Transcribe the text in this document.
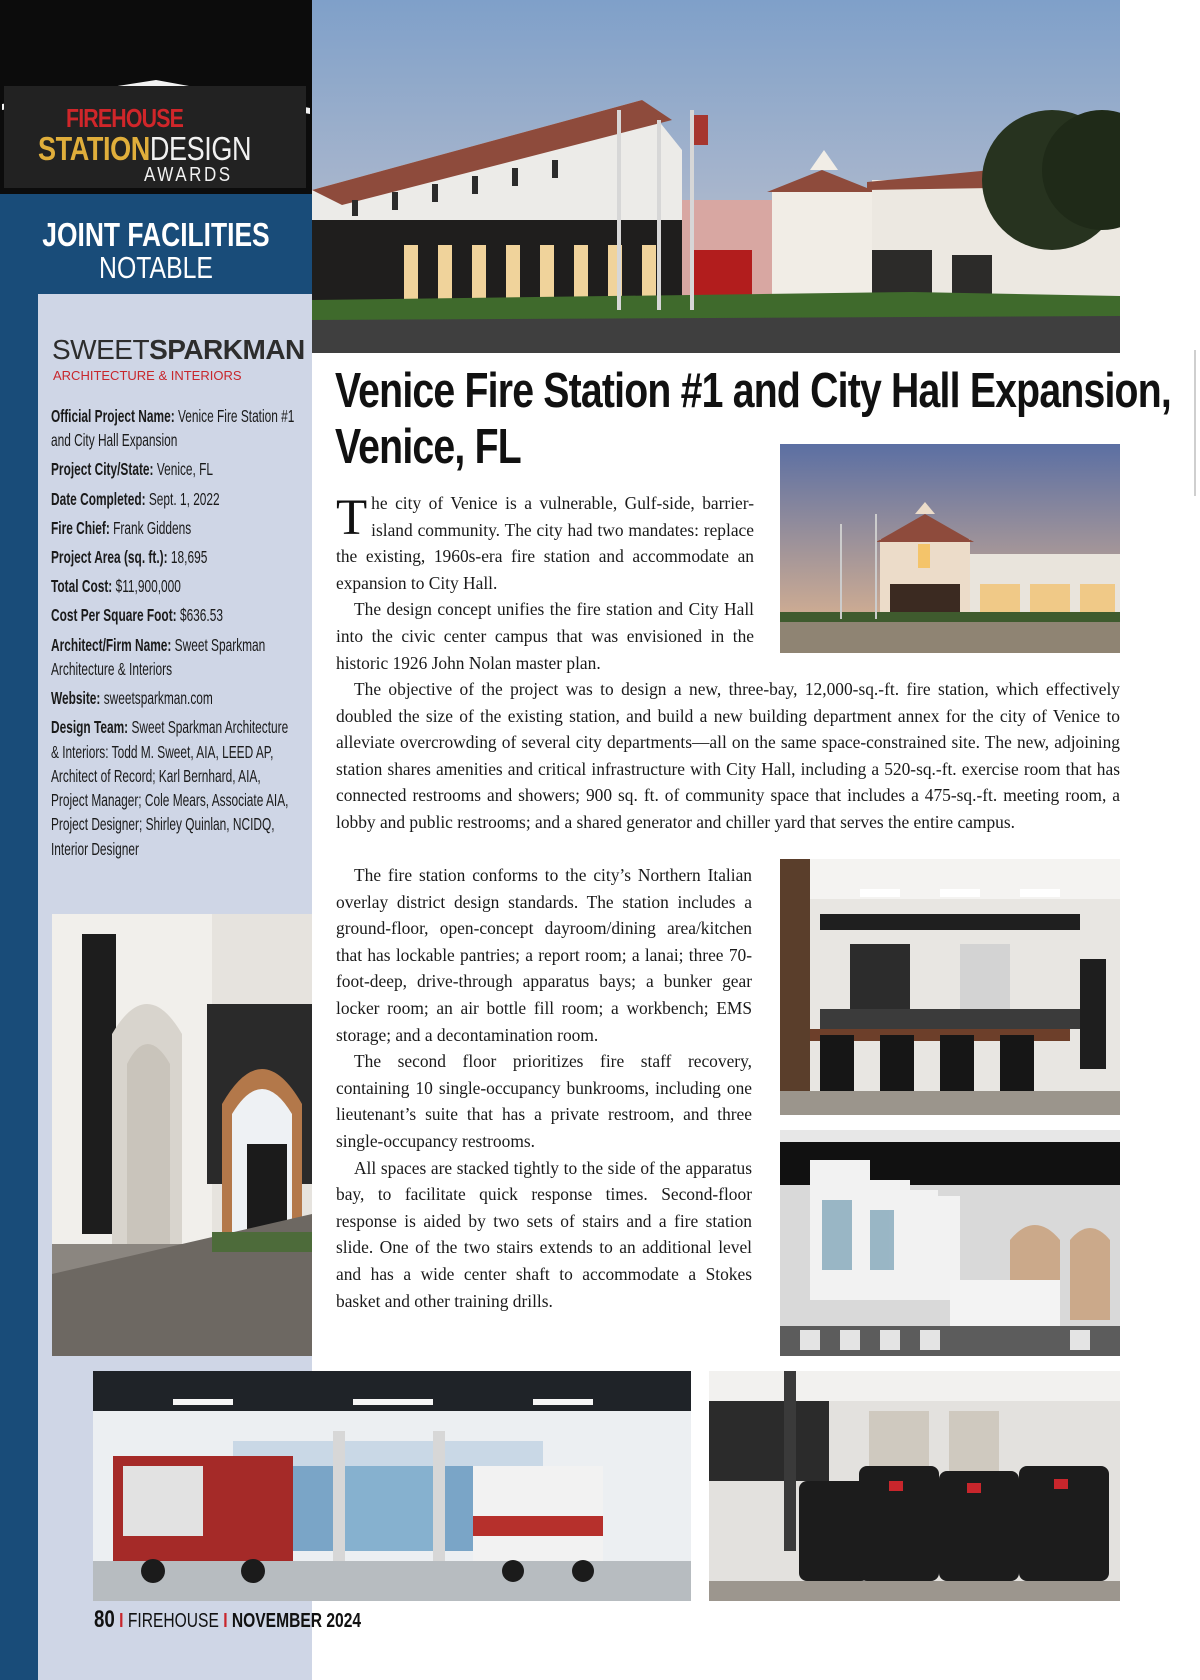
FIREHOUSE
STATIONDESIGN
AWARDS
JOINT FACILITIES
NOTABLE
SWEETSPARKMAN
ARCHITECTURE & INTERIORS

Official Project Name: Venice Fire Station #1 and City Hall Expansion

Project City/State: Venice, FL

Date Completed: Sept. 1, 2022

Fire Chief: Frank Giddens

Project Area (sq. ft.): 18,695

Total Cost: $11,900,000

Cost Per Square Foot: $636.53

Architect/Firm Name: Sweet Sparkman Architecture & Interiors

Website: sweetsparkman.com

Design Team: Sweet Sparkman Architecture & Interiors: Todd M. Sweet, AIA, LEED AP, Architect of Record; Karl Bernhard, AIA, Project Manager; Cole Mears, Associate AIA, Project Designer; Shirley Quinlan, NCIDQ, Interior Designer

Venice Fire Station #1 and City Hall Expansion,
Venice, FL
The city of Venice is a vulnerable, Gulf-side, barrier-island community. The city had two mandates: replace the existing, 1960s-era fire station and accommodate an expansion to City Hall.
The design concept unifies the fire station and City Hall into the civic center campus that was envisioned in the historic 1926 John Nolan master plan.
The objective of the project was to design a new, three-bay, 12,000-sq.-ft. fire station, which effectively doubled the size of the existing station, and build a new building department annex for the city of Venice to alleviate overcrowding of several city departments—all on the same space-constrained site. The new, adjoining station shares amenities and critical infrastructure with City Hall, including a 520-sq.-ft. exercise room that has connected restrooms and showers; 900 sq. ft. of community space that includes a 475-sq.-ft. meeting room, a lobby and public restrooms; and a shared generator and chiller yard that serves the entire campus.
The fire station conforms to the city’s Northern Italian overlay district design standards. The station includes a ground-floor, open-concept dayroom/dining area/kitchen that has lockable pantries; a report room; a lanai; three 70-foot-deep, drive-through apparatus bays; a bunker gear locker room; an air bottle fill room; a workbench; EMS storage; and a decontamination room.
The second floor prioritizes fire staff recovery, containing 10 single-occupancy bunkrooms, including one lieutenant’s suite that has a private restroom, and three single-occupancy restrooms.
All spaces are stacked tightly to the side of the apparatus bay, to facilitate quick response times. Second-floor response is aided by two sets of stairs and a fire station slide. One of the two stairs extends to an additional level and has a wide center shaft to accommodate a Stokes basket and other training drills.
80 I FIREHOUSE I NOVEMBER 2024
